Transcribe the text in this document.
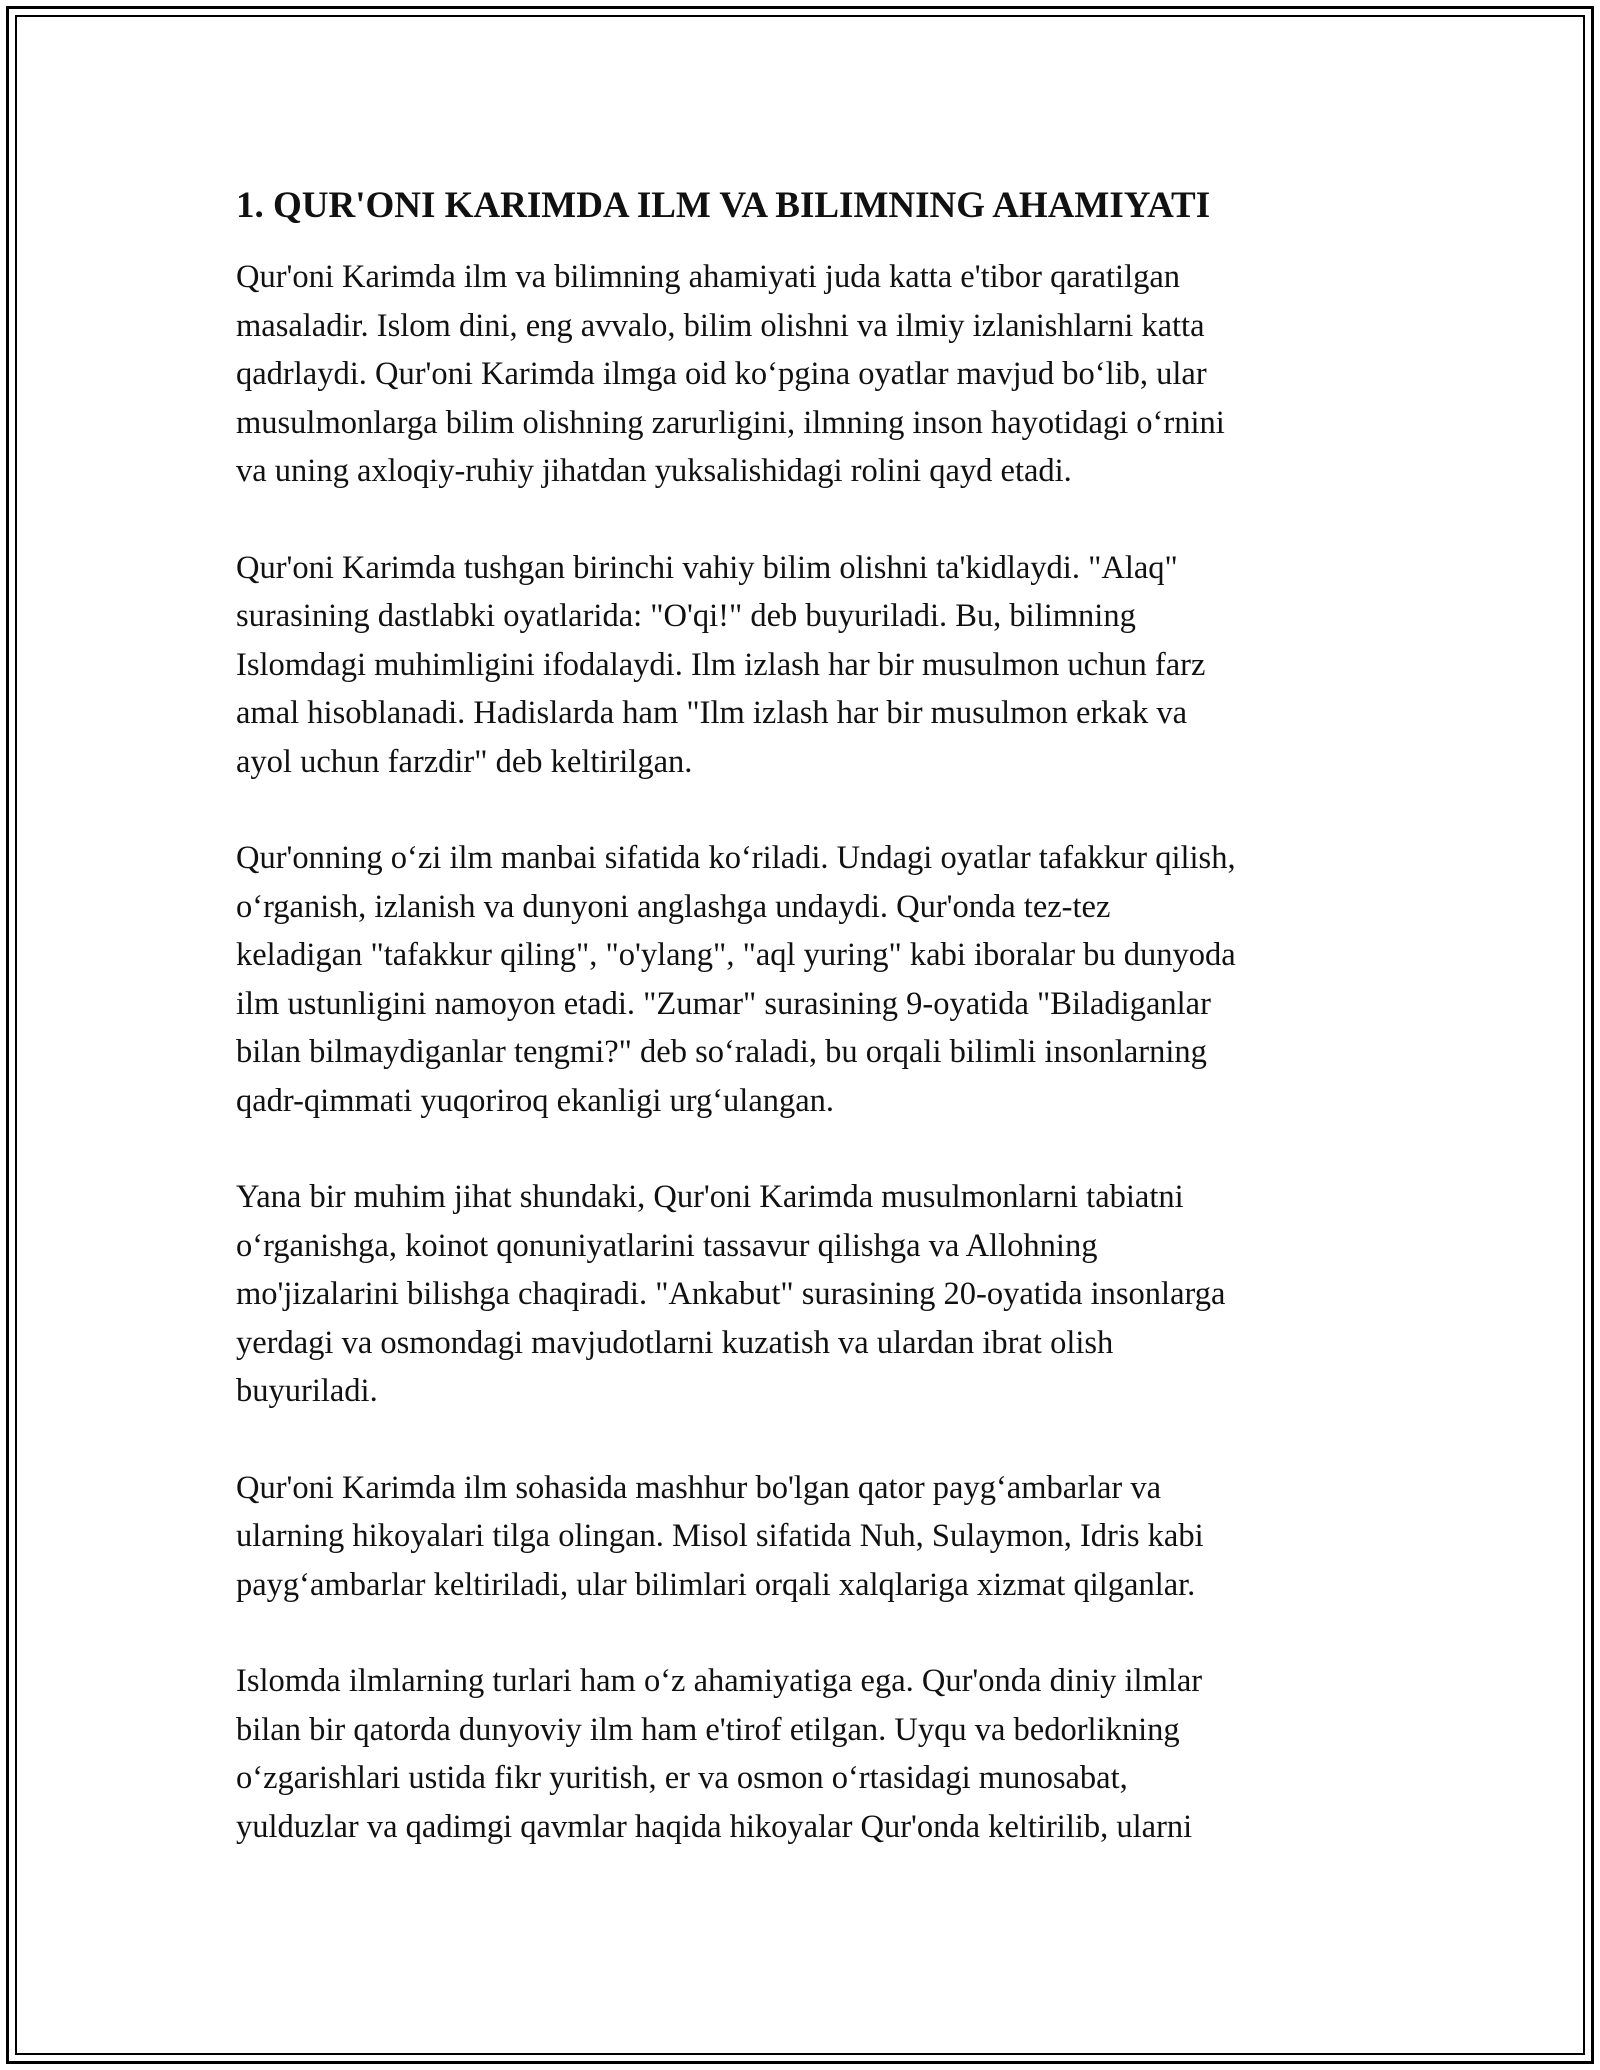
1. QUR'ONI KARIMDA ILM VA BILIMNING AHAMIYATI

Qur'oni Karimda ilm va bilimning ahamiyati juda katta e'tibor qaratilgan
masaladir. Islom dini, eng avvalo, bilim olishni va ilmiy izlanishlarni katta
qadrlaydi. Qur'oni Karimda ilmga oid ko‘pgina oyatlar mavjud bo‘lib, ular
musulmonlarga bilim olishning zarurligini, ilmning inson hayotidagi o‘rnini
va uning axloqiy-ruhiy jihatdan yuksalishidagi rolini qayd etadi.

Qur'oni Karimda tushgan birinchi vahiy bilim olishni ta'kidlaydi. "Alaq"
surasining dastlabki oyatlarida: "O'qi!" deb buyuriladi. Bu, bilimning
Islomdagi muhimligini ifodalaydi. Ilm izlash har bir musulmon uchun farz
amal hisoblanadi. Hadislarda ham "Ilm izlash har bir musulmon erkak va
ayol uchun farzdir" deb keltirilgan.

Qur'onning o‘zi ilm manbai sifatida ko‘riladi. Undagi oyatlar tafakkur qilish,
o‘rganish, izlanish va dunyoni anglashga undaydi. Qur'onda tez-tez
keladigan "tafakkur qiling", "o'ylang", "aql yuring" kabi iboralar bu dunyoda
ilm ustunligini namoyon etadi. "Zumar" surasining 9-oyatida "Biladiganlar
bilan bilmaydiganlar tengmi?" deb so‘raladi, bu orqali bilimli insonlarning
qadr-qimmati yuqoriroq ekanligi urg‘ulangan.

Yana bir muhim jihat shundaki, Qur'oni Karimda musulmonlarni tabiatni
o‘rganishga, koinot qonuniyatlarini tassavur qilishga va Allohning
mo'jizalarini bilishga chaqiradi. "Ankabut" surasining 20-oyatida insonlarga
yerdagi va osmondagi mavjudotlarni kuzatish va ulardan ibrat olish
buyuriladi.

Qur'oni Karimda ilm sohasida mashhur bo'lgan qator payg‘ambarlar va
ularning hikoyalari tilga olingan. Misol sifatida Nuh, Sulaymon, Idris kabi
payg‘ambarlar keltiriladi, ular bilimlari orqali xalqlariga xizmat qilganlar.

Islomda ilmlarning turlari ham o‘z ahamiyatiga ega. Qur'onda diniy ilmlar
bilan bir qatorda dunyoviy ilm ham e'tirof etilgan. Uyqu va bedorlikning
o‘zgarishlari ustida fikr yuritish, er va osmon o‘rtasidagi munosabat,
yulduzlar va qadimgi qavmlar haqida hikoyalar Qur'onda keltirilib, ularni
